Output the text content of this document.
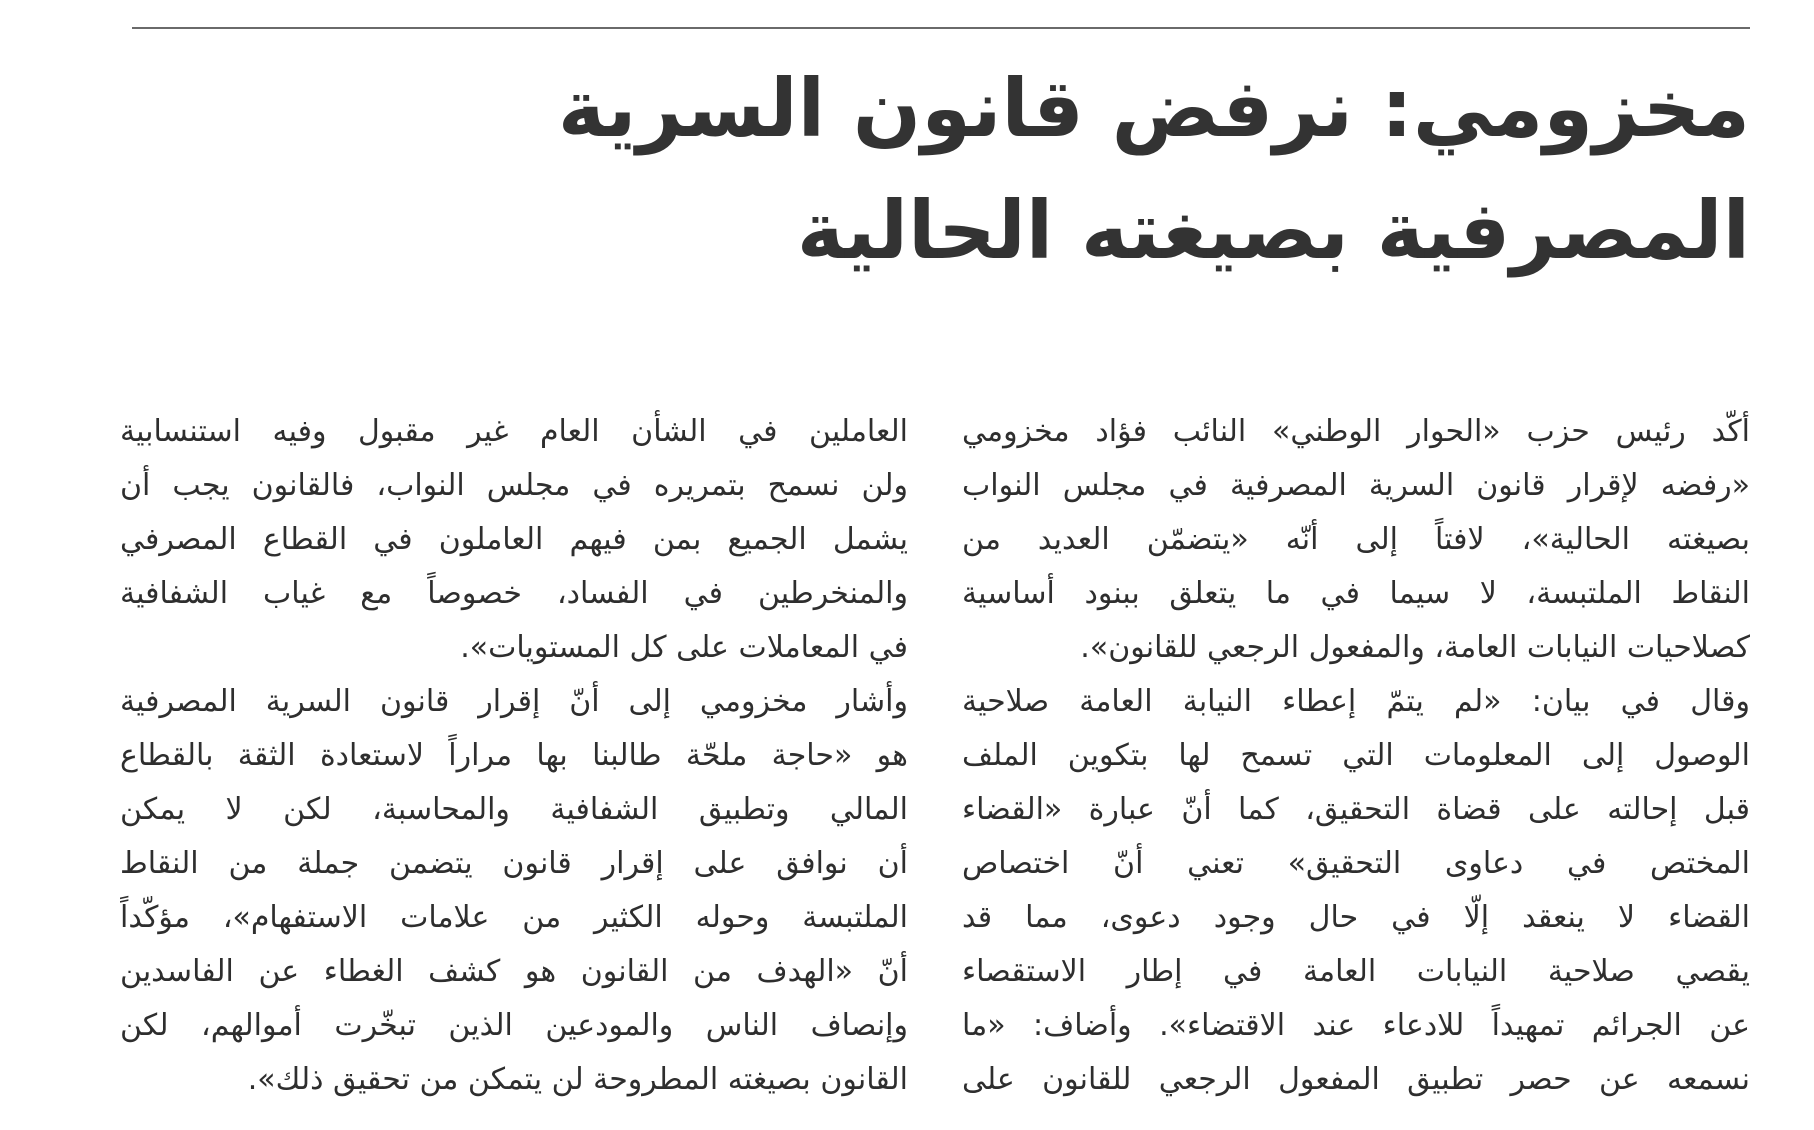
مخزومي: نرفض قانون السرية
المصرفية بصيغته الحالية
أكّد رئيس حزب «الحوار الوطني» النائب فؤاد مخزومي
«رفضه لإقرار قانون السرية المصرفية في مجلس النواب
بصيغته الحالية»، لافتاً إلى أنّه «يتضمّن العديد من
النقاط الملتبسة، لا سيما في ما يتعلق ببنود أساسية
كصلاحيات النيابات العامة، والمفعول الرجعي للقانون».
وقال في بيان: «لم يتمّ إعطاء النيابة العامة صلاحية
الوصول إلى المعلومات التي تسمح لها بتكوين الملف
قبل إحالته على قضاة التحقيق، كما أنّ عبارة «القضاء
المختص في دعاوى التحقيق» تعني أنّ اختصاص
القضاء لا ينعقد إلّا في حال وجود دعوى، مما قد
يقصي صلاحية النيابات العامة في إطار الاستقصاء
عن الجرائم تمهيداً للادعاء عند الاقتضاء». وأضاف: «ما
نسمعه عن حصر تطبيق المفعول الرجعي للقانون على
العاملين في الشأن العام غير مقبول وفيه استنسابية
ولن نسمح بتمريره في مجلس النواب، فالقانون يجب أن
يشمل الجميع بمن فيهم العاملون في القطاع المصرفي
والمنخرطين في الفساد، خصوصاً مع غياب الشفافية
في المعاملات على كل المستويات».
وأشار مخزومي إلى أنّ إقرار قانون السرية المصرفية
هو «حاجة ملحّة طالبنا بها مراراً لاستعادة الثقة بالقطاع
المالي وتطبيق الشفافية والمحاسبة، لكن لا يمكن
أن نوافق على إقرار قانون يتضمن جملة من النقاط
الملتبسة وحوله الكثير من علامات الاستفهام»، مؤكّداً
أنّ «الهدف من القانون هو كشف الغطاء عن الفاسدين
وإنصاف الناس والمودعين الذين تبخّرت أموالهم، لكن
القانون بصيغته المطروحة لن يتمكن من تحقيق ذلك».
